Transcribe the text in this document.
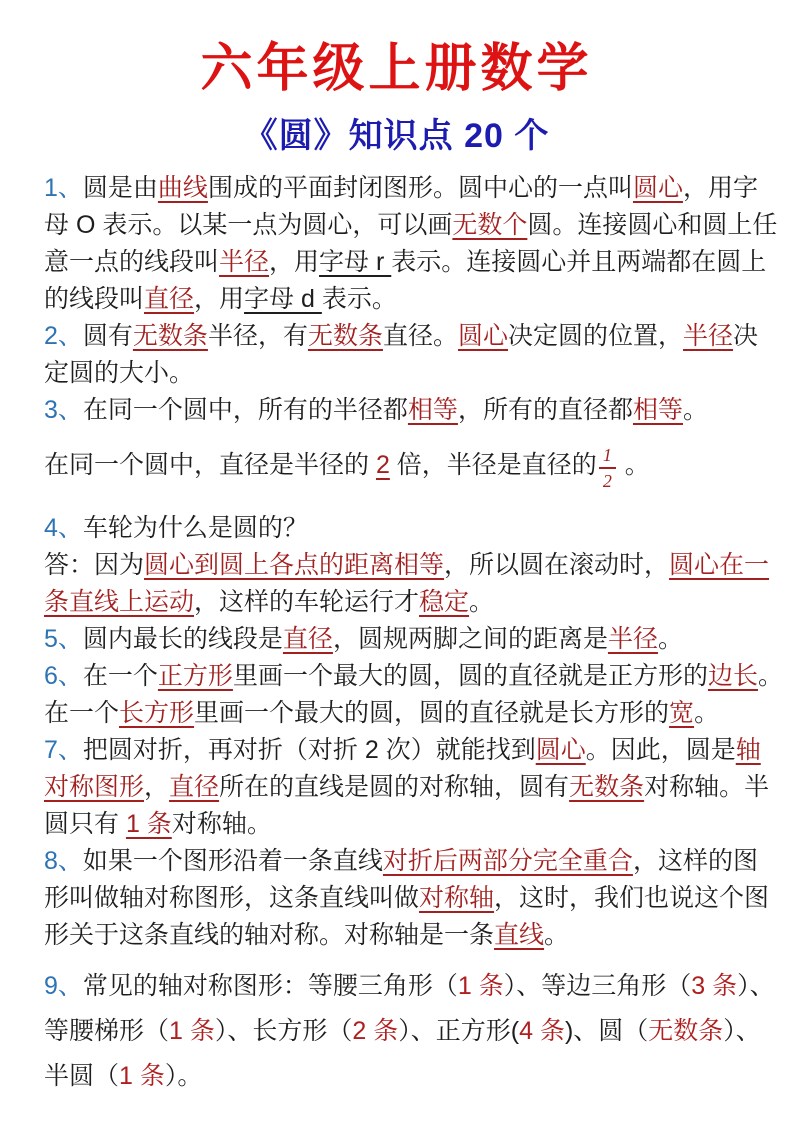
六年级上册数学
《圆》知识点 20 个
1、圆是由曲线围成的平面封闭图形。圆中心的一点叫圆心，用字
母 O 表示。以某一点为圆心，可以画无数个圆。连接圆心和圆上任
意一点的线段叫半径，用字母 r 表示。连接圆心并且两端都在圆上
的线段叫直径，用字母 d 表示。
2、圆有无数条半径，有无数条直径。圆心决定圆的位置，半径决
定圆的大小。
3、在同一个圆中，所有的半径都相等，所有的直径都相等。
在同一个圆中，直径是半径的 2 倍，半径是直径的 $\frac{1}{2}$ 。
4、车轮为什么是圆的？
答：因为圆心到圆上各点的距离相等，所以圆在滚动时，圆心在一
条直线上运动，这样的车轮运行才稳定。
5、圆内最长的线段是直径，圆规两脚之间的距离是半径。
6、在一个正方形里画一个最大的圆，圆的直径就是正方形的边长。
在一个长方形里画一个最大的圆，圆的直径就是长方形的宽。
7、把圆对折，再对折（对折 2 次）就能找到圆心。因此，圆是轴
对称图形，直径所在的直线是圆的对称轴，圆有无数条对称轴。半
圆只有 1 条对称轴。
8、如果一个图形沿着一条直线对折后两部分完全重合，这样的图
形叫做轴对称图形，这条直线叫做对称轴，这时，我们也说这个图
形关于这条直线的轴对称。对称轴是一条直线。
9、常见的轴对称图形：等腰三角形（1 条）、等边三角形（3 条）、
等腰梯形（1 条）、长方形（2 条）、正方形(4 条)、圆（无数条）、
半圆（1 条）。
